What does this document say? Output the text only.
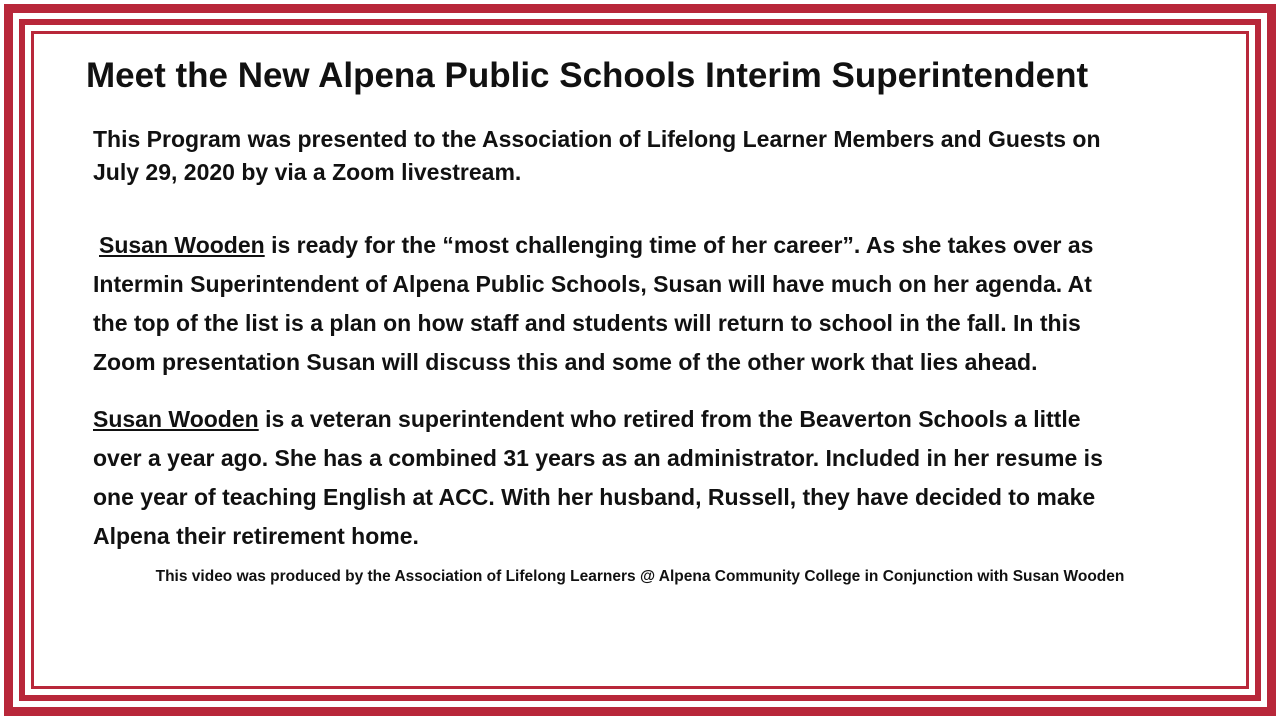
Meet the New Alpena Public Schools Interim Superintendent

This Program was presented to the Association of Lifelong Learner Members and Guests on
July 29, 2020 by via a Zoom livestream.

Susan Wooden is ready for the “most challenging time of her career”. As she takes over as
Intermin Superintendent of Alpena Public Schools, Susan will have much on her agenda. At
the top of the list is a plan on how staff and students will return to school in the fall. In this
Zoom presentation Susan will discuss this and some of the other work that lies ahead.

Susan Wooden is a veteran superintendent who retired from the Beaverton Schools a little
over a year ago. She has a combined 31 years as an administrator. Included in her resume is
one year of teaching English at ACC. With her husband, Russell, they have decided to make
Alpena their retirement home.

This video was produced by the Association of Lifelong Learners @ Alpena Community College in Conjunction with Susan Wooden
